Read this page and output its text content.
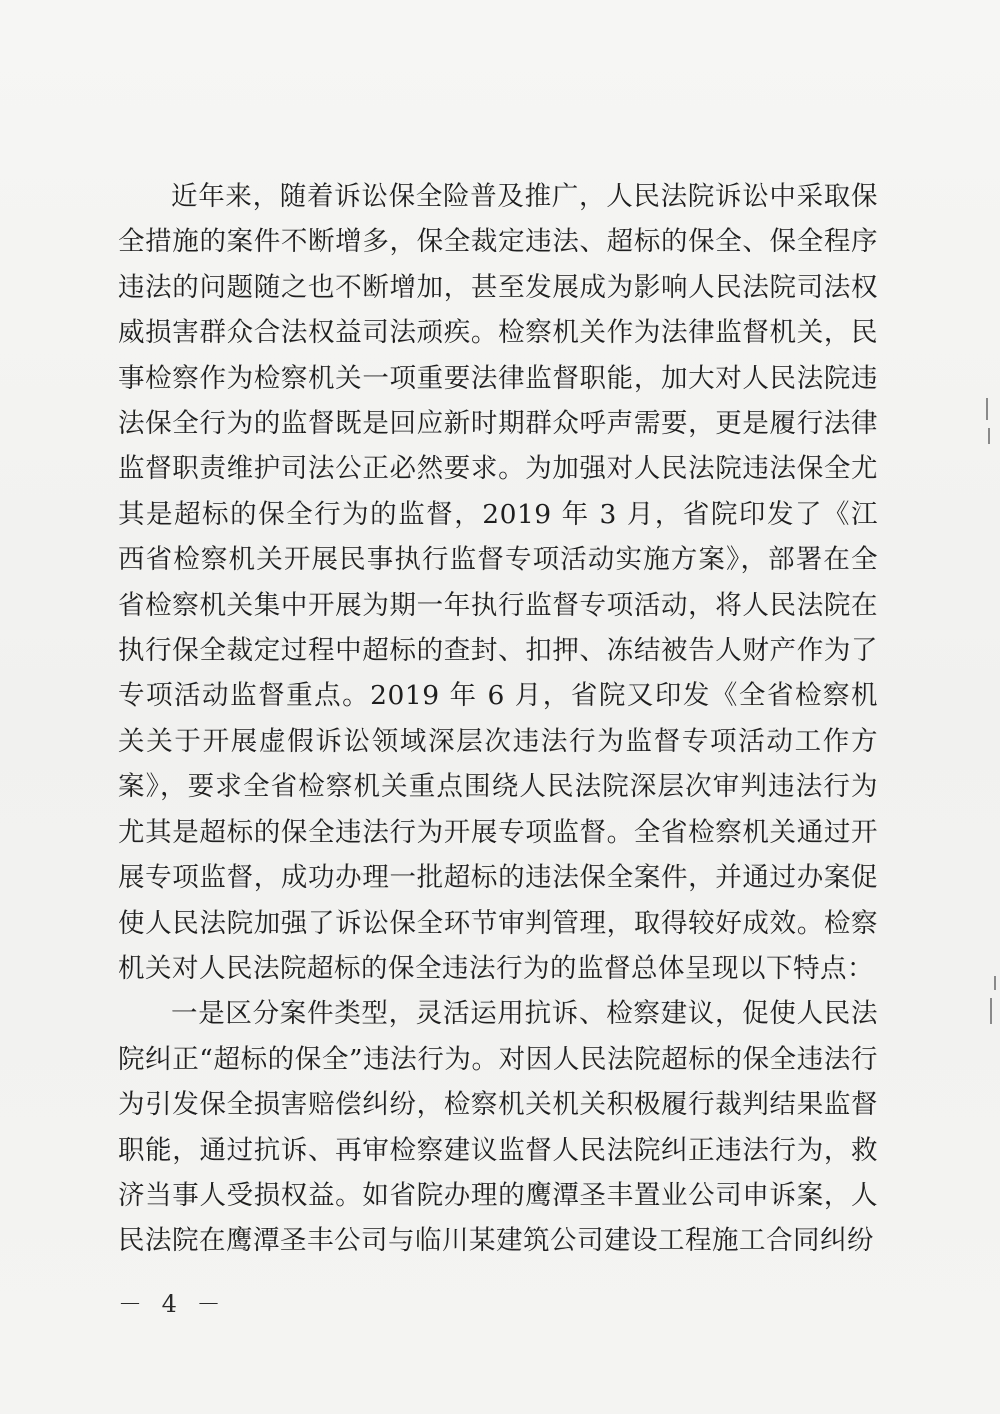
近年来，随着诉讼保全险普及推广，人民法院诉讼中采取保全措施的案件不断增多，保全裁定违法、超标的保全、保全程序违法的问题随之也不断增加，甚至发展成为影响人民法院司法权威损害群众合法权益司法顽疾。检察机关作为法律监督机关，民事检察作为检察机关一项重要法律监督职能，加大对人民法院违法保全行为的监督既是回应新时期群众呼声需要，更是履行法律监督职责维护司法公正必然要求。为加强对人民法院违法保全尤其是超标的保全行为的监督，2019 年 3 月，省院印发了《江西省检察机关开展民事执行监督专项活动实施方案》，部署在全省检察机关集中开展为期一年执行监督专项活动，将人民法院在执行保全裁定过程中超标的查封、扣押、冻结被告人财产作为了专项活动监督重点。2019 年 6 月，省院又印发《全省检察机关关于开展虚假诉讼领域深层次违法行为监督专项活动工作方案》，要求全省检察机关重点围绕人民法院深层次审判违法行为尤其是超标的保全违法行为开展专项监督。全省检察机关通过开展专项监督，成功办理一批超标的违法保全案件，并通过办案促使人民法院加强了诉讼保全环节审判管理，取得较好成效。检察机关对人民法院超标的保全违法行为的监督总体呈现以下特点：

一是区分案件类型，灵活运用抗诉、检察建议，促使人民法院纠正“超标的保全”违法行为。对因人民法院超标的保全违法行为引发保全损害赔偿纠纷，检察机关机关积极履行裁判结果监督职能，通过抗诉、再审检察建议监督人民法院纠正违法行为，救济当事人受损权益。如省院办理的鹰潭圣丰置业公司申诉案，人民法院在鹰潭圣丰公司与临川某建筑公司建设工程施工合同纠纷

－ 4 －
